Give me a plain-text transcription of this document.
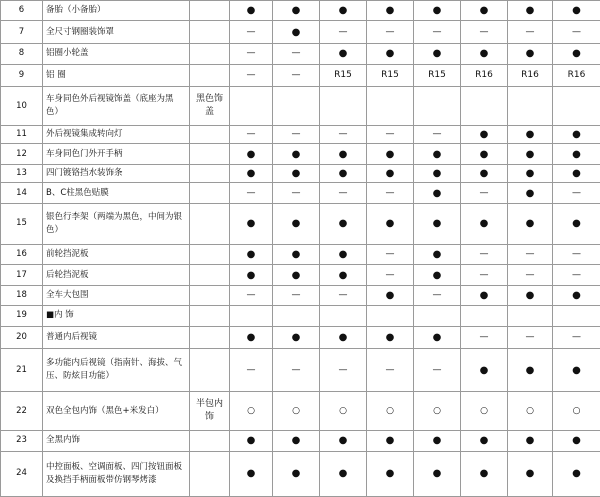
6	备胎（小备胎）		●	●	●	●	●	●	●	●
7	全尺寸钢圈装饰罩		—	●	—	—	—	—	—	—
8	铝圈小轮盖		—	—	●	●	●	●	●	●
9	铝 圈		—	—	R15	R15	R15	R16	R16	R16
10	车身同色外后视镜饰盖（底座为黑色）	黑色饰盖								
11	外后视镜集成转向灯		—	—	—	—	—	●	●	●
12	车身同色门外开手柄		●	●	●	●	●	●	●	●
13	四门镀铬挡水装饰条		●	●	●	●	●	●	●	●
14	B、C柱黑色贴膜		—	—	—	—	●	—	●	—
15	银色行李架（两端为黑色，中间为银色）		●	●	●	●	●	●	●	●
16	前轮挡泥板		●	●	●	—	●	—	—	—
17	后轮挡泥板		●	●	●	—	●	—	—	—
18	全车大包围		—	—	—	●	—	●	●	●
19	■内 饰									
20	普通内后视镜		●	●	●	●	●	—	—	—
21	多功能内后视镜（指南针、海拔、气压、防炫目功能）		—	—	—	—	—	●	●	●
22	双色全包内饰（黑色+米发白）	半包内饰	○	○	○	○	○	○	○	○
23	全黑内饰		●	●	●	●	●	●	●	●
24	中控面板、空调面板、四门按钮面板及换挡手柄面板带仿钢琴烤漆		●	●	●	●	●	●	●	●
